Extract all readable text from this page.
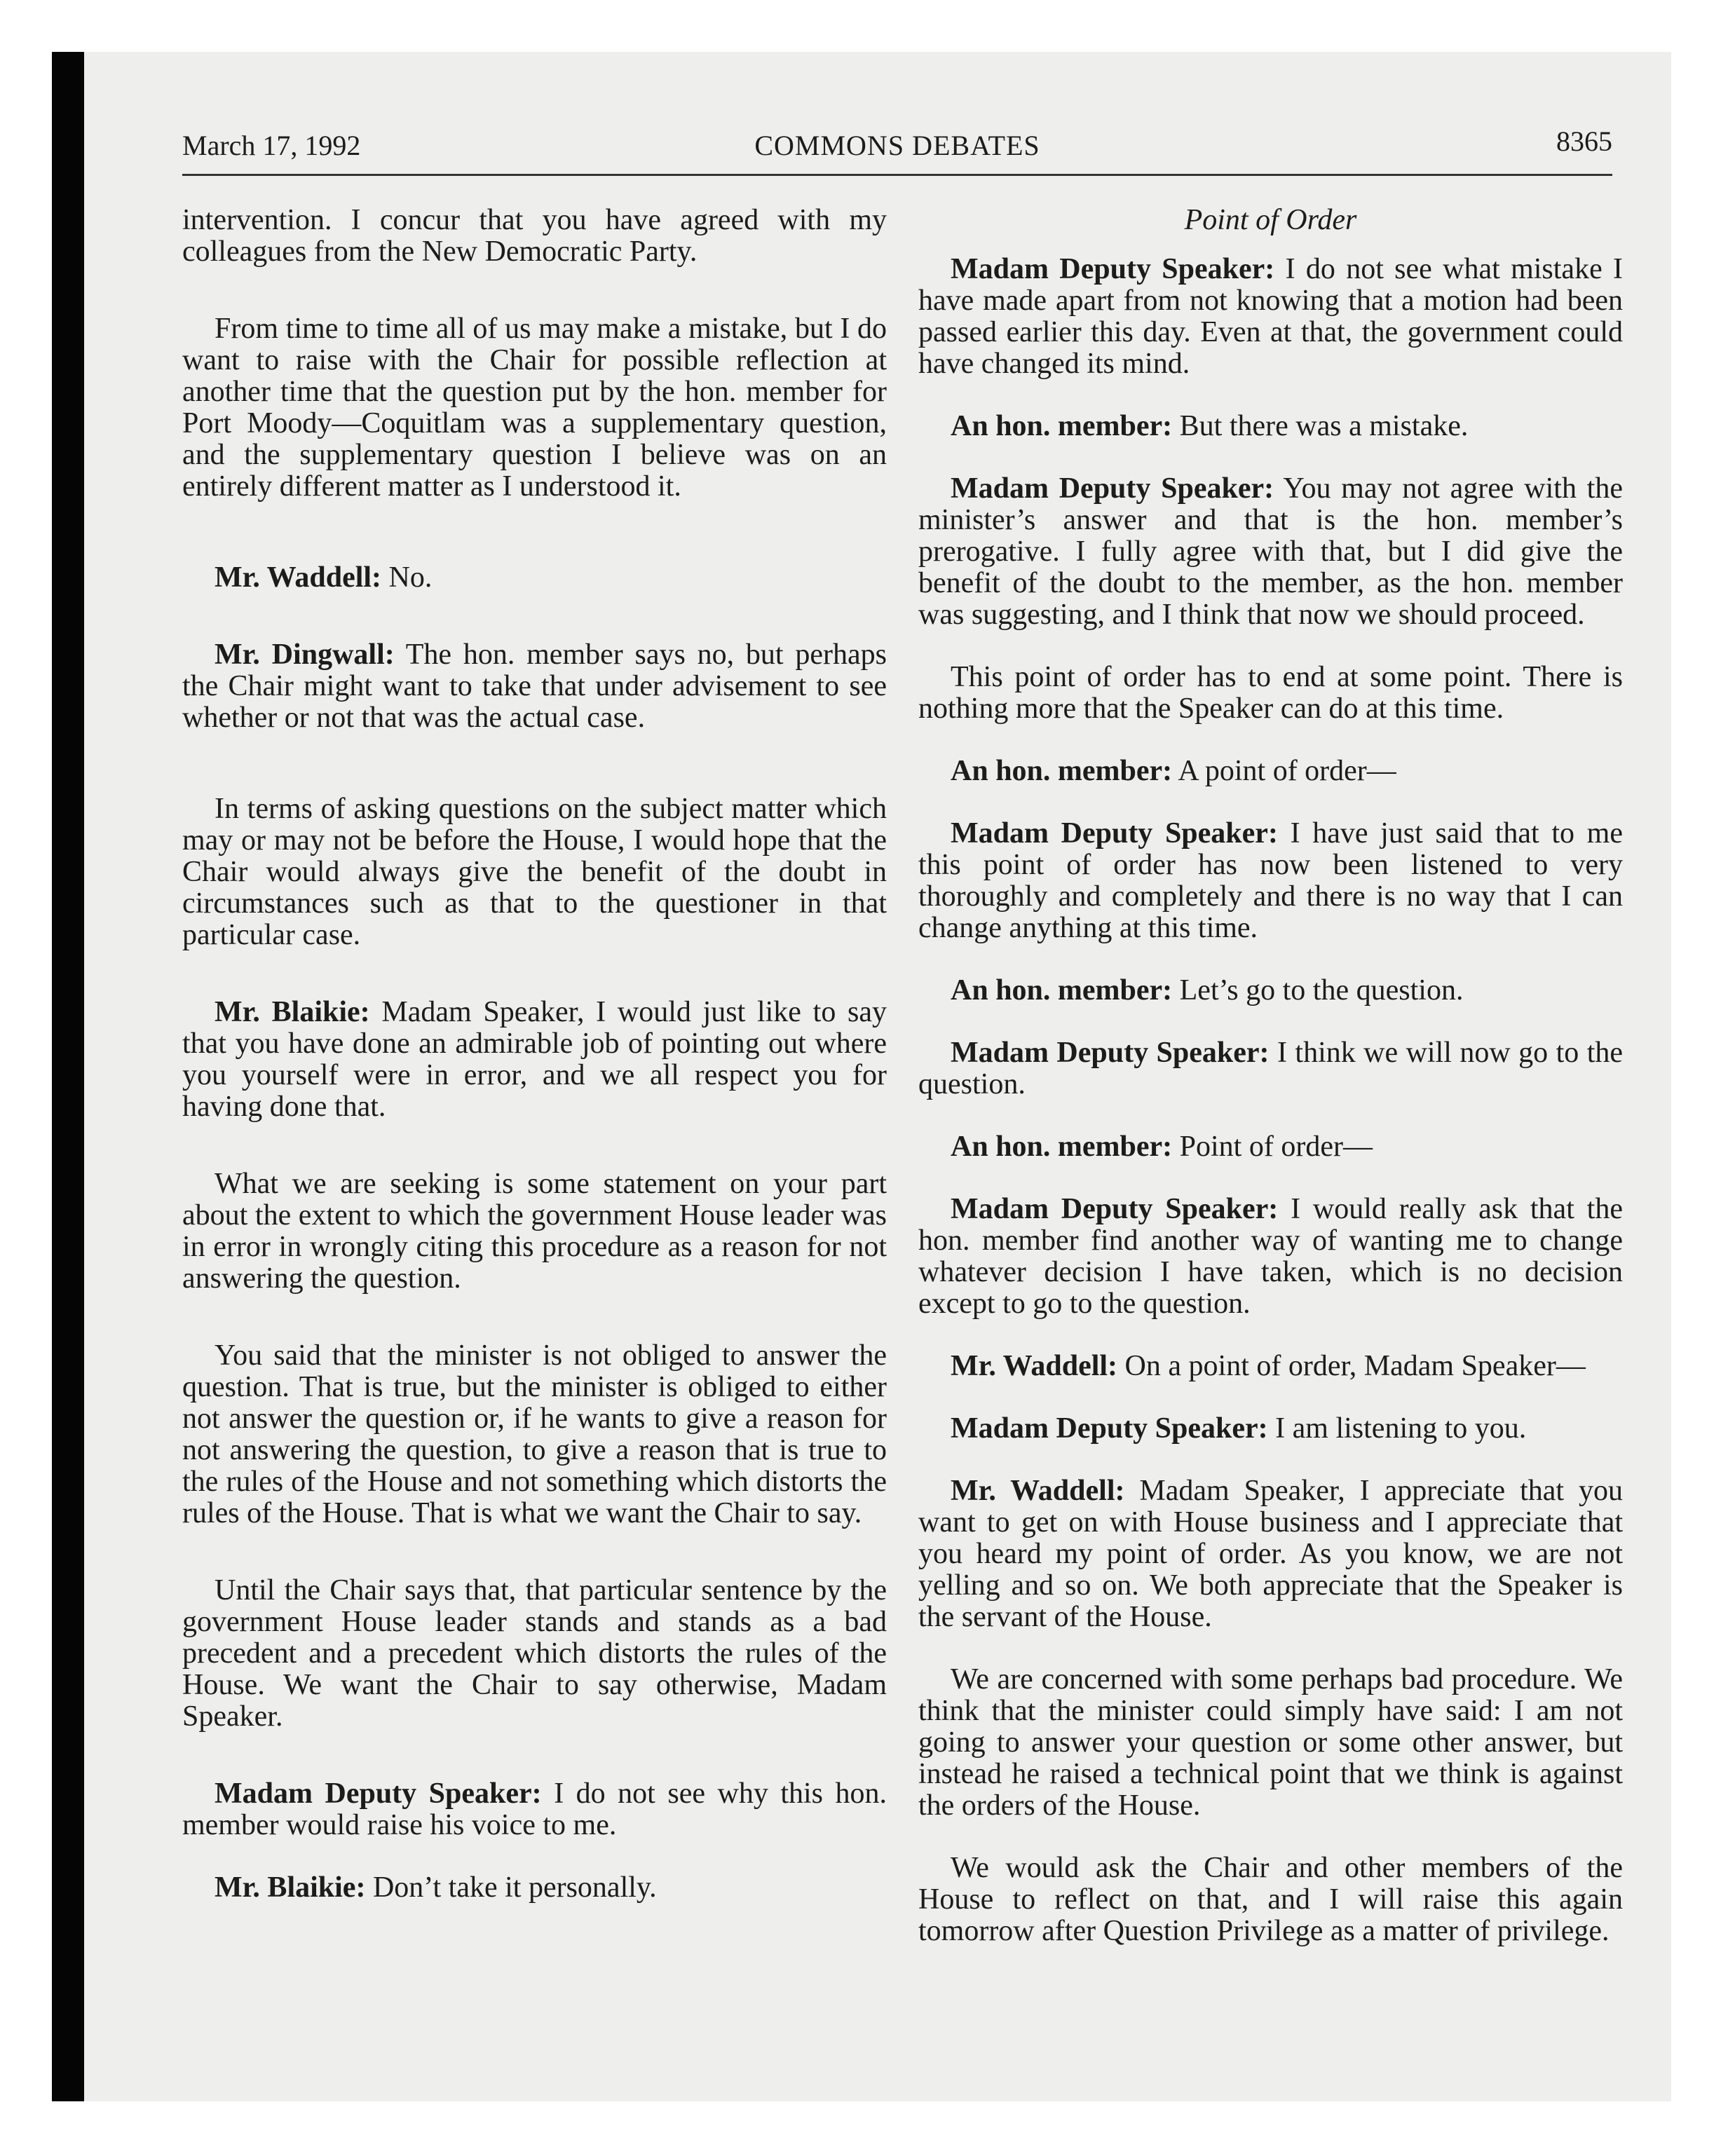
March 17, 1992	COMMONS DEBATES	8365

intervention. I concur that you have agreed with my colleagues from the New Democratic Party.

From time to time all of us may make a mistake, but I do want to raise with the Chair for possible reflection at another time that the question put by the hon. member for Port Moody—Coquitlam was a supplementary question, and the supplementary question I believe was on an entirely different matter as I understood it.

Mr. Waddell: No.

Mr. Dingwall: The hon. member says no, but perhaps the Chair might want to take that under advisement to see whether or not that was the actual case.

In terms of asking questions on the subject matter which may or may not be before the House, I would hope that the Chair would always give the benefit of the doubt in circumstances such as that to the questioner in that particular case.

Mr. Blaikie: Madam Speaker, I would just like to say that you have done an admirable job of pointing out where you yourself were in error, and we all respect you for having done that.

What we are seeking is some statement on your part about the extent to which the government House leader was in error in wrongly citing this procedure as a reason for not answering the question.

You said that the minister is not obliged to answer the question. That is true, but the minister is obliged to either not answer the question or, if he wants to give a reason for not answering the question, to give a reason that is true to the rules of the House and not something which distorts the rules of the House. That is what we want the Chair to say.

Until the Chair says that, that particular sentence by the government House leader stands and stands as a bad precedent and a precedent which distorts the rules of the House. We want the Chair to say otherwise, Madam Speaker.

Madam Deputy Speaker: I do not see why this hon. member would raise his voice to me.

Mr. Blaikie: Don’t take it personally.

Point of Order

Madam Deputy Speaker: I do not see what mistake I have made apart from not knowing that a motion had been passed earlier this day. Even at that, the government could have changed its mind.

An hon. member: But there was a mistake.

Madam Deputy Speaker: You may not agree with the minister’s answer and that is the hon. member’s prerogative. I fully agree with that, but I did give the benefit of the doubt to the member, as the hon. member was suggesting, and I think that now we should proceed.

This point of order has to end at some point. There is nothing more that the Speaker can do at this time.

An hon. member: A point of order—

Madam Deputy Speaker: I have just said that to me this point of order has now been listened to very thoroughly and completely and there is no way that I can change anything at this time.

An hon. member: Let’s go to the question.

Madam Deputy Speaker: I think we will now go to the question.

An hon. member: Point of order—

Madam Deputy Speaker: I would really ask that the hon. member find another way of wanting me to change whatever decision I have taken, which is no decision except to go to the question.

Mr. Waddell: On a point of order, Madam Speaker—

Madam Deputy Speaker: I am listening to you.

Mr. Waddell: Madam Speaker, I appreciate that you want to get on with House business and I appreciate that you heard my point of order. As you know, we are not yelling and so on. We both appreciate that the Speaker is the servant of the House.

We are concerned with some perhaps bad procedure. We think that the minister could simply have said: I am not going to answer your question or some other answer, but instead he raised a technical point that we think is against the orders of the House.

We would ask the Chair and other members of the House to reflect on that, and I will raise this again tomorrow after Question Privilege as a matter of privilege.
